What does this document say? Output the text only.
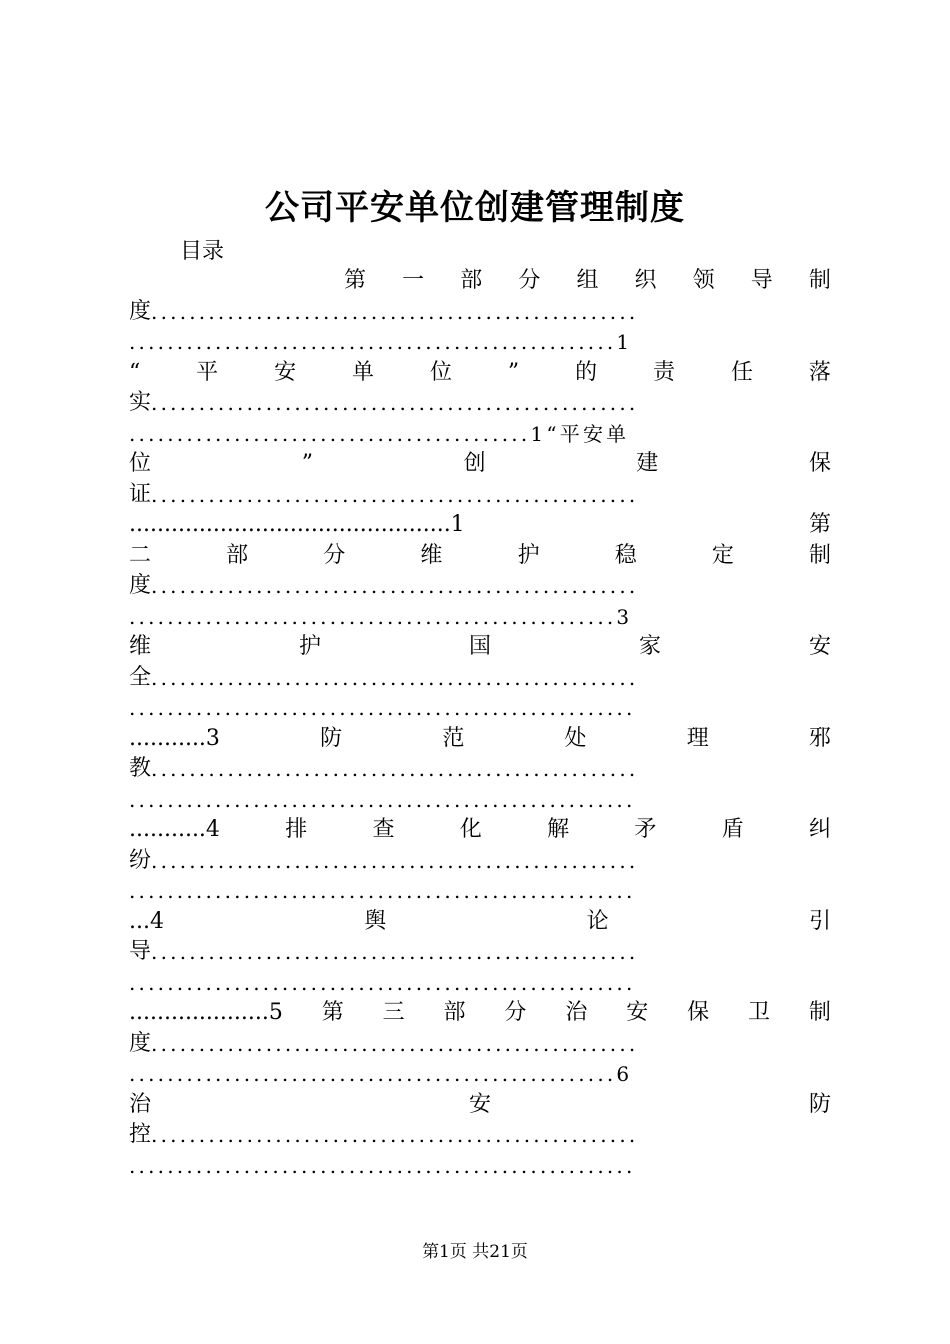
公司平安单位创建管理制度
目录
第 一 部 分 组 织 领 导 制
度 ...................................................
...................................................1
“	平	安	单	位	”	的	责	任	落
实 ...................................................
..........................................1“平安单
位	”	创	建	保
证 ...................................................
..............................................1	第
二	部	分	维	护	稳	定	制
度 ...................................................
...................................................3
维	护	国	家	安
全 ...................................................
.....................................................
...........3	防	范	处	理	邪
教 ...................................................
.....................................................
...........4	排	查	化	解	矛	盾	纠
纷 ...................................................
.....................................................
...4	舆	论	引
导 ...................................................
.....................................................
....................5 第 三 部 分 治 安 保 卫 制
度 ...................................................
...................................................6
治	安	防
控 ...................................................
.....................................................
第1页 共21页
